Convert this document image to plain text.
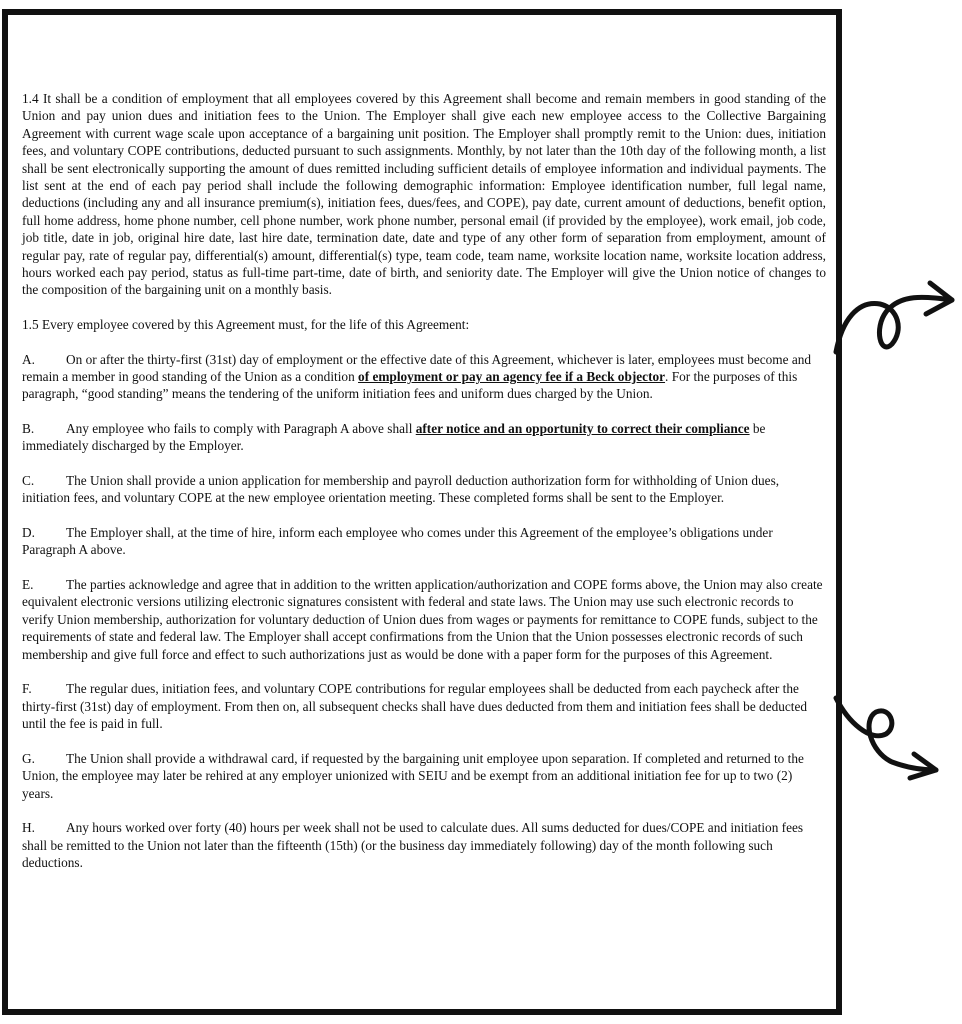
1.4 It shall be a condition of employment that all employees covered by this Agreement shall become and remain members in good standing of the Union and pay union dues and initiation fees to the Union. The Employer shall give each new employee access to the Collective Bargaining Agreement with current wage scale upon acceptance of a bargaining unit position. The Employer shall promptly remit to the Union: dues, initiation fees, and voluntary COPE contributions, deducted pursuant to such assignments. Monthly, by not later than the 10th day of the following month, a list shall be sent electronically supporting the amount of dues remitted including sufficient details of employee information and individual payments. The list sent at the end of each pay period shall include the following demographic information: Employee identification number, full legal name, deductions (including any and all insurance premium(s), initiation fees, dues/fees, and COPE), pay date, current amount of deductions, benefit option, full home address, home phone number, cell phone number, work phone number, personal email (if provided by the employee), work email, job code, job title, date in job, original hire date, last hire date, termination date, date and type of any other form of separation from employment, amount of regular pay, rate of regular pay, differential(s) amount, differential(s) type, team code, team name, worksite location name, worksite location address, hours worked each pay period, status as full-time part-time, date of birth, and seniority date. The Employer will give the Union notice of changes to the composition of the bargaining unit on a monthly basis.

1.5 Every employee covered by this Agreement must, for the life of this Agreement:

A. On or after the thirty-first (31st) day of employment or the effective date of this Agreement, whichever is later, employees must become and remain a member in good standing of the Union as a condition of employment or pay an agency fee if a Beck objector. For the purposes of this paragraph, “good standing” means the tendering of the uniform initiation fees and uniform dues charged by the Union.

B. Any employee who fails to comply with Paragraph A above shall after notice and an opportunity to correct their compliance be immediately discharged by the Employer.

C. The Union shall provide a union application for membership and payroll deduction authorization form for withholding of Union dues, initiation fees, and voluntary COPE at the new employee orientation meeting. These completed forms shall be sent to the Employer.

D. The Employer shall, at the time of hire, inform each employee who comes under this Agreement of the employee’s obligations under Paragraph A above.

E. The parties acknowledge and agree that in addition to the written application/authorization and COPE forms above, the Union may also create equivalent electronic versions utilizing electronic signatures consistent with federal and state laws. The Union may use such electronic records to verify Union membership, authorization for voluntary deduction of Union dues from wages or payments for remittance to COPE funds, subject to the requirements of state and federal law. The Employer shall accept confirmations from the Union that the Union possesses electronic records of such membership and give full force and effect to such authorizations just as would be done with a paper form for the purposes of this Agreement.

F.	The regular dues, initiation fees, and voluntary COPE contributions for regular employees shall be deducted from each paycheck after the thirty-first (31st) day of employment. From then on, all subsequent checks shall have dues deducted from them and initiation fees shall be deducted until the fee is paid in full.

G. The Union shall provide a withdrawal card, if requested by the bargaining unit employee upon separation. If completed and returned to the Union, the employee may later be rehired at any employer unionized with SEIU and be exempt from an additional initiation fee for up to two (2) years.

H. Any hours worked over forty (40) hours per week shall not be used to calculate dues. All sums deducted for dues/COPE and initiation fees shall be remitted to the Union not later than the fifteenth (15th) (or the business day immediately following) day of the month following such deductions.
